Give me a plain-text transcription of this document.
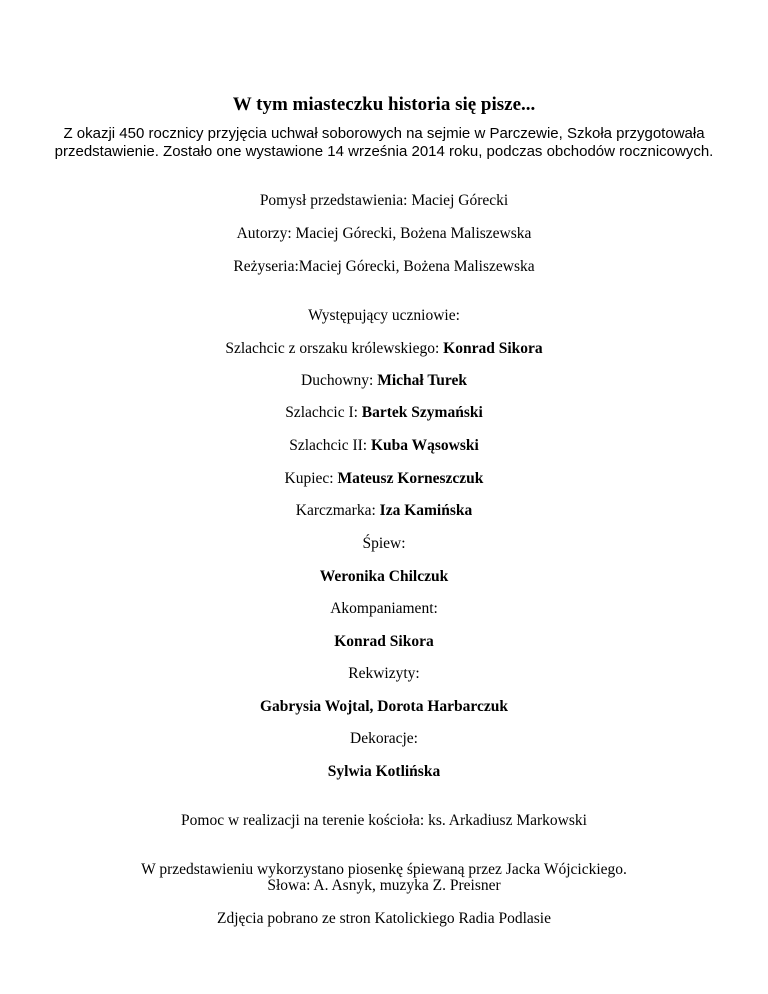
W tym miasteczku historia się pisze...
Z okazji 450 rocznicy przyjęcia uchwał soborowych na sejmie w Parczewie, Szkoła przygotowała
przedstawienie. Zostało one wystawione 14 września 2014 roku, podczas obchodów rocznicowych.
Pomysł przedstawienia: Maciej Górecki
Autorzy: Maciej Górecki, Bożena Maliszewska
Reżyseria:Maciej Górecki, Bożena Maliszewska
Występujący uczniowie:
Szlachcic z orszaku królewskiego: Konrad Sikora
Duchowny: Michał Turek
Szlachcic I: Bartek Szymański
Szlachcic II: Kuba Wąsowski
Kupiec: Mateusz Korneszczuk
Karczmarka: Iza Kamińska
Śpiew:
Weronika Chilczuk
Akompaniament:
Konrad Sikora
Rekwizyty:
Gabrysia Wojtal, Dorota Harbarczuk
Dekoracje:
Sylwia Kotlińska
Pomoc w realizacji na terenie kościoła: ks. Arkadiusz Markowski
W przedstawieniu wykorzystano piosenkę śpiewaną przez Jacka Wójcickiego.
Słowa: A. Asnyk, muzyka Z. Preisner
Zdjęcia pobrano ze stron Katolickiego Radia Podlasie
